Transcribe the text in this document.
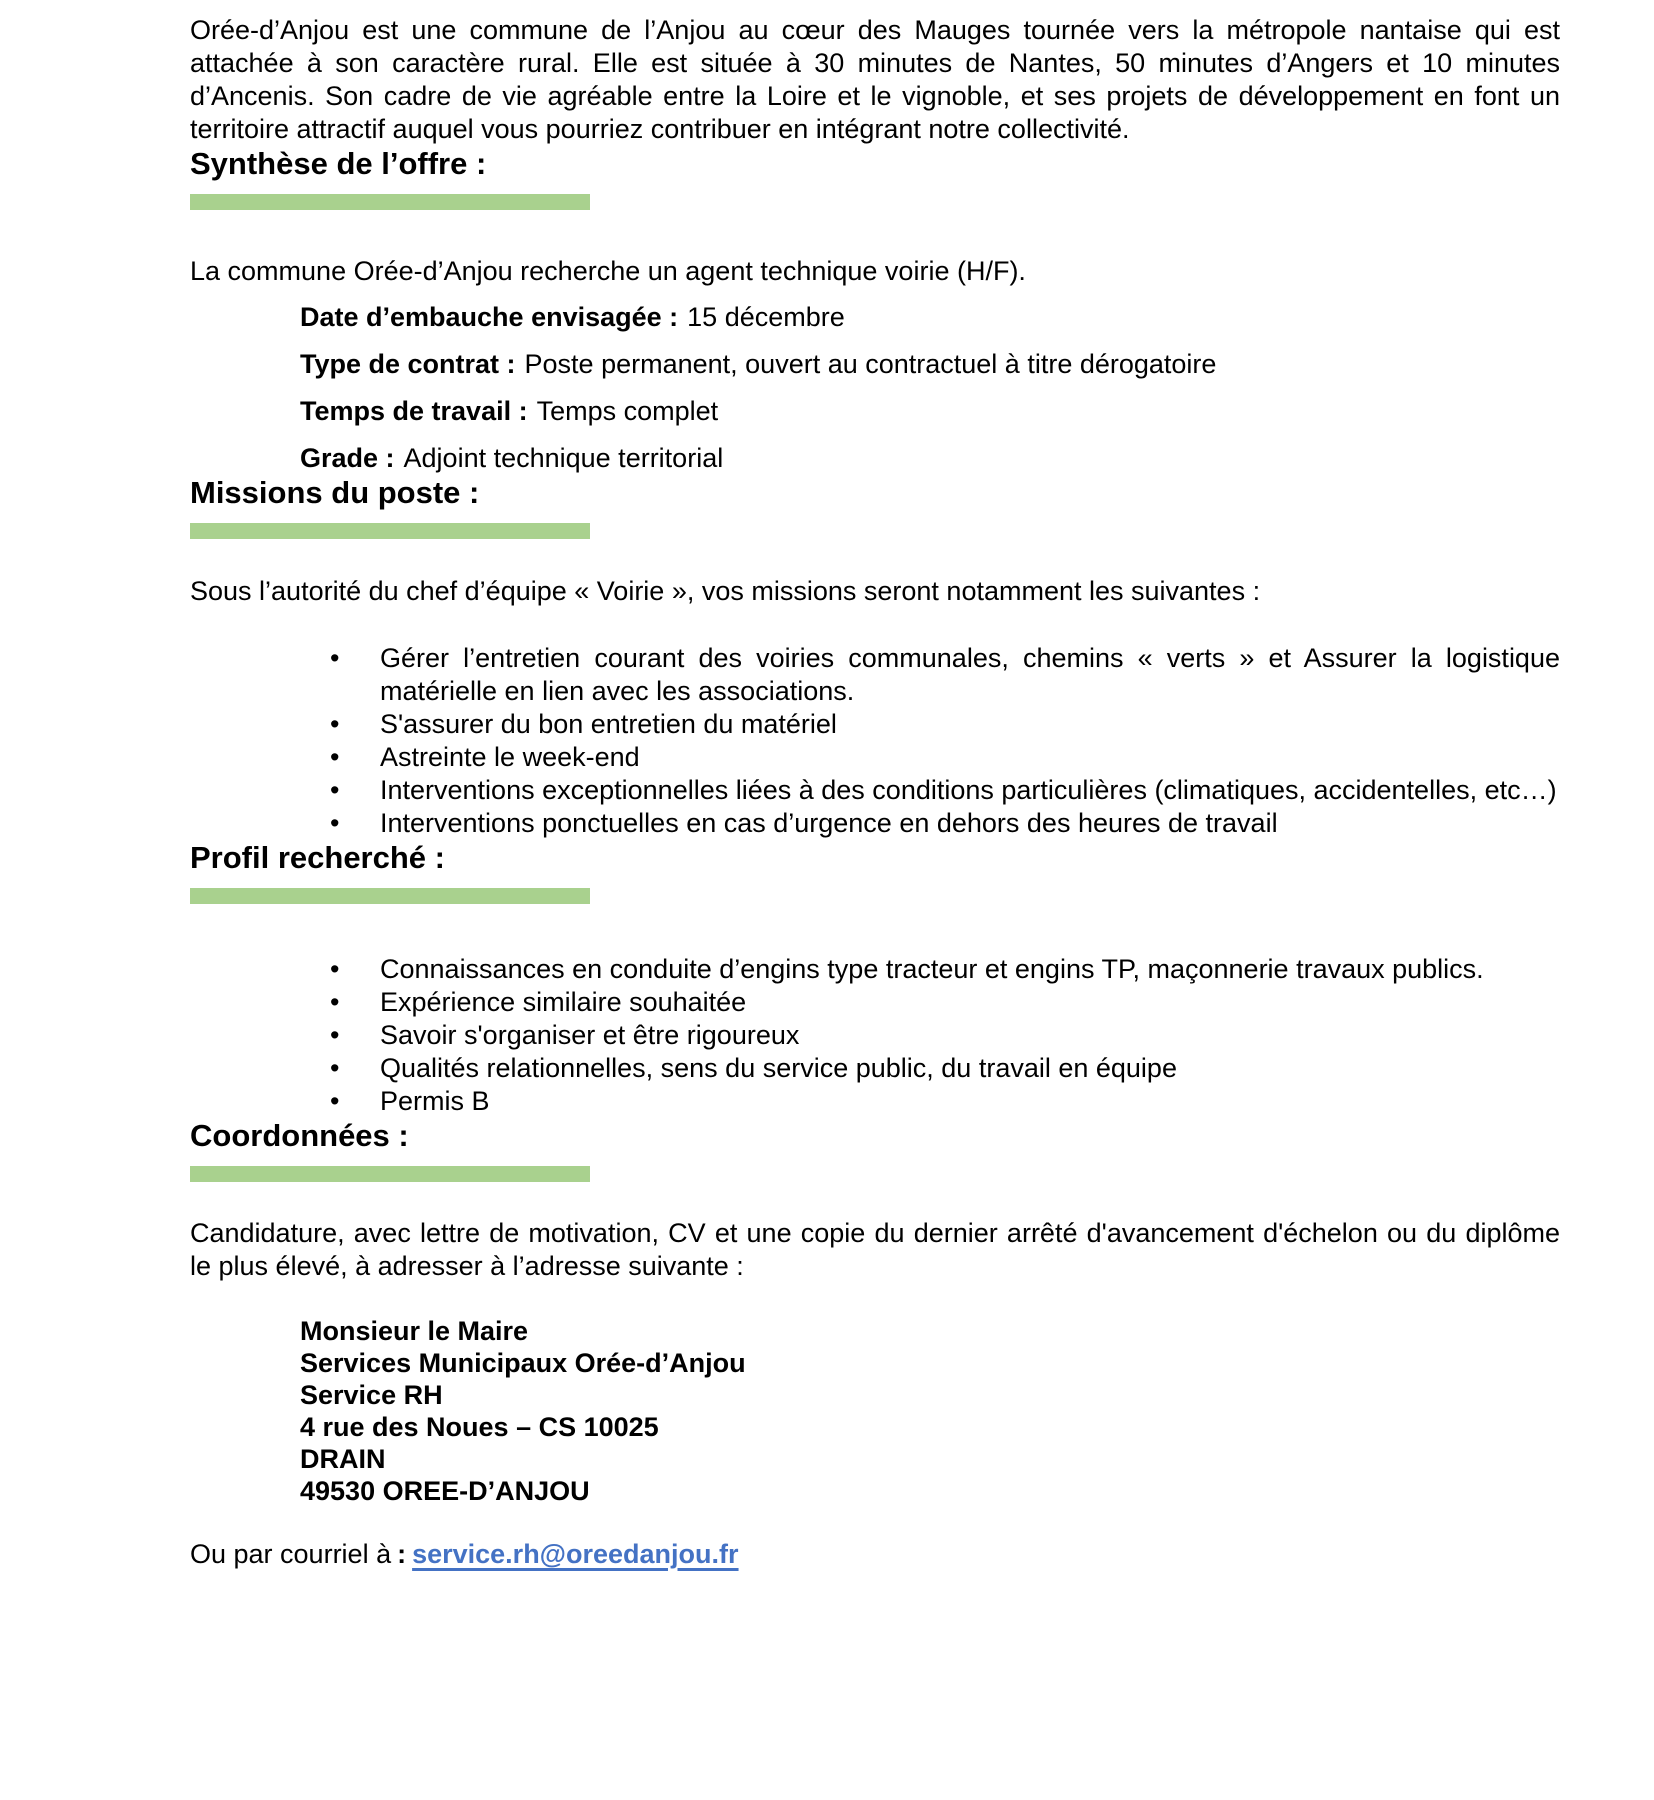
Orée-d’Anjou est une commune de l’Anjou au cœur des Mauges tournée vers la métropole nantaise qui est attachée à son caractère rural. Elle est située à 30 minutes de Nantes, 50 minutes d’Angers et 10 minutes d’Ancenis. Son cadre de vie agréable entre la Loire et le vignoble, et ses projets de développement en font un territoire attractif auquel vous pourriez contribuer en intégrant notre collectivité.

Synthèse de l’offre :

La commune Orée-d’Anjou recherche un agent technique voirie (H/F).

Date d’embauche envisagée : 15 décembre
Type de contrat : Poste permanent, ouvert au contractuel à titre dérogatoire
Temps de travail : Temps complet
Grade : Adjoint technique territorial
Missions du poste :

Sous l’autorité du chef d’équipe « Voirie », vos missions seront notamment les suivantes :

• Gérer l’entretien courant des voiries communales, chemins « verts » et Assurer la logistique matérielle en lien avec les associations.
• S'assurer du bon entretien du matériel
• Astreinte le week-end
• Interventions exceptionnelles liées à des conditions particulières (climatiques, accidentelles, etc…)
• Interventions ponctuelles en cas d’urgence en dehors des heures de travail
Profil recherché :
• Connaissances en conduite d’engins type tracteur et engins TP, maçonnerie travaux publics.
• Expérience similaire souhaitée
• Savoir s'organiser et être rigoureux
• Qualités relationnelles, sens du service public, du travail en équipe
• Permis B
Coordonnées :

Candidature, avec lettre de motivation, CV et une copie du dernier arrêté d'avancement d'échelon ou du diplôme le plus élevé, à adresser à l’adresse suivante :

Monsieur le Maire

Services Municipaux Orée-d’Anjou

Service RH

4 rue des Noues – CS 10025

DRAIN

49530 OREE-D’ANJOU

Ou par courriel à : service.rh@oreedanjou.fr
